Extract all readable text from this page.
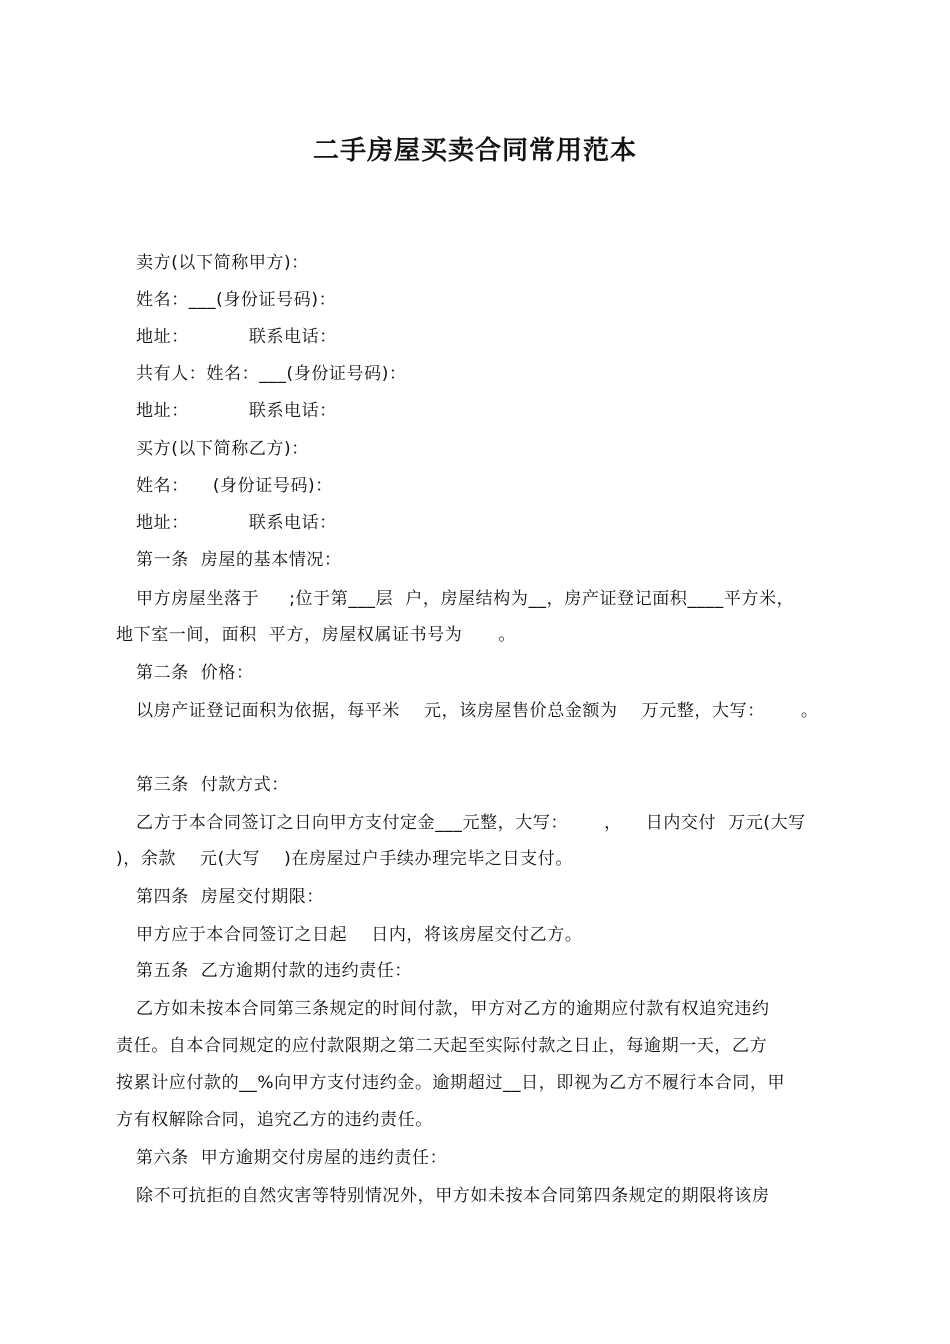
二手房屋买卖合同常用范本
卖方(以下简称甲方)：
姓名：___(身份证号码)：
地址：          联系电话：
共有人：姓名：___(身份证号码)：
地址：          联系电话：
买方(以下简称乙方)：
姓名：    (身份证号码)：
地址：          联系电话：
第一条  房屋的基本情况：
甲方房屋坐落于     ;位于第___层  户，房屋结构为__，房产证登记面积____平方米，
地下室一间，面积  平方，房屋权属证书号为      。
第二条  价格：
以房产证登记面积为依据，每平米    元，该房屋售价总金额为    万元整，大写：      。
第三条  付款方式：
乙方于本合同签订之日向甲方支付定金___元整，大写：      ，    日内交付  万元(大写
)，余款    元(大写    )在房屋过户手续办理完毕之日支付。
第四条  房屋交付期限：
甲方应于本合同签订之日起    日内，将该房屋交付乙方。
第五条  乙方逾期付款的违约责任：
乙方如未按本合同第三条规定的时间付款，甲方对乙方的逾期应付款有权追究违约
责任。自本合同规定的应付款限期之第二天起至实际付款之日止，每逾期一天，乙方
按累计应付款的__%向甲方支付违约金。逾期超过__日，即视为乙方不履行本合同，甲
方有权解除合同，追究乙方的违约责任。
第六条  甲方逾期交付房屋的违约责任：
除不可抗拒的自然灾害等特别情况外，甲方如未按本合同第四条规定的期限将该房
